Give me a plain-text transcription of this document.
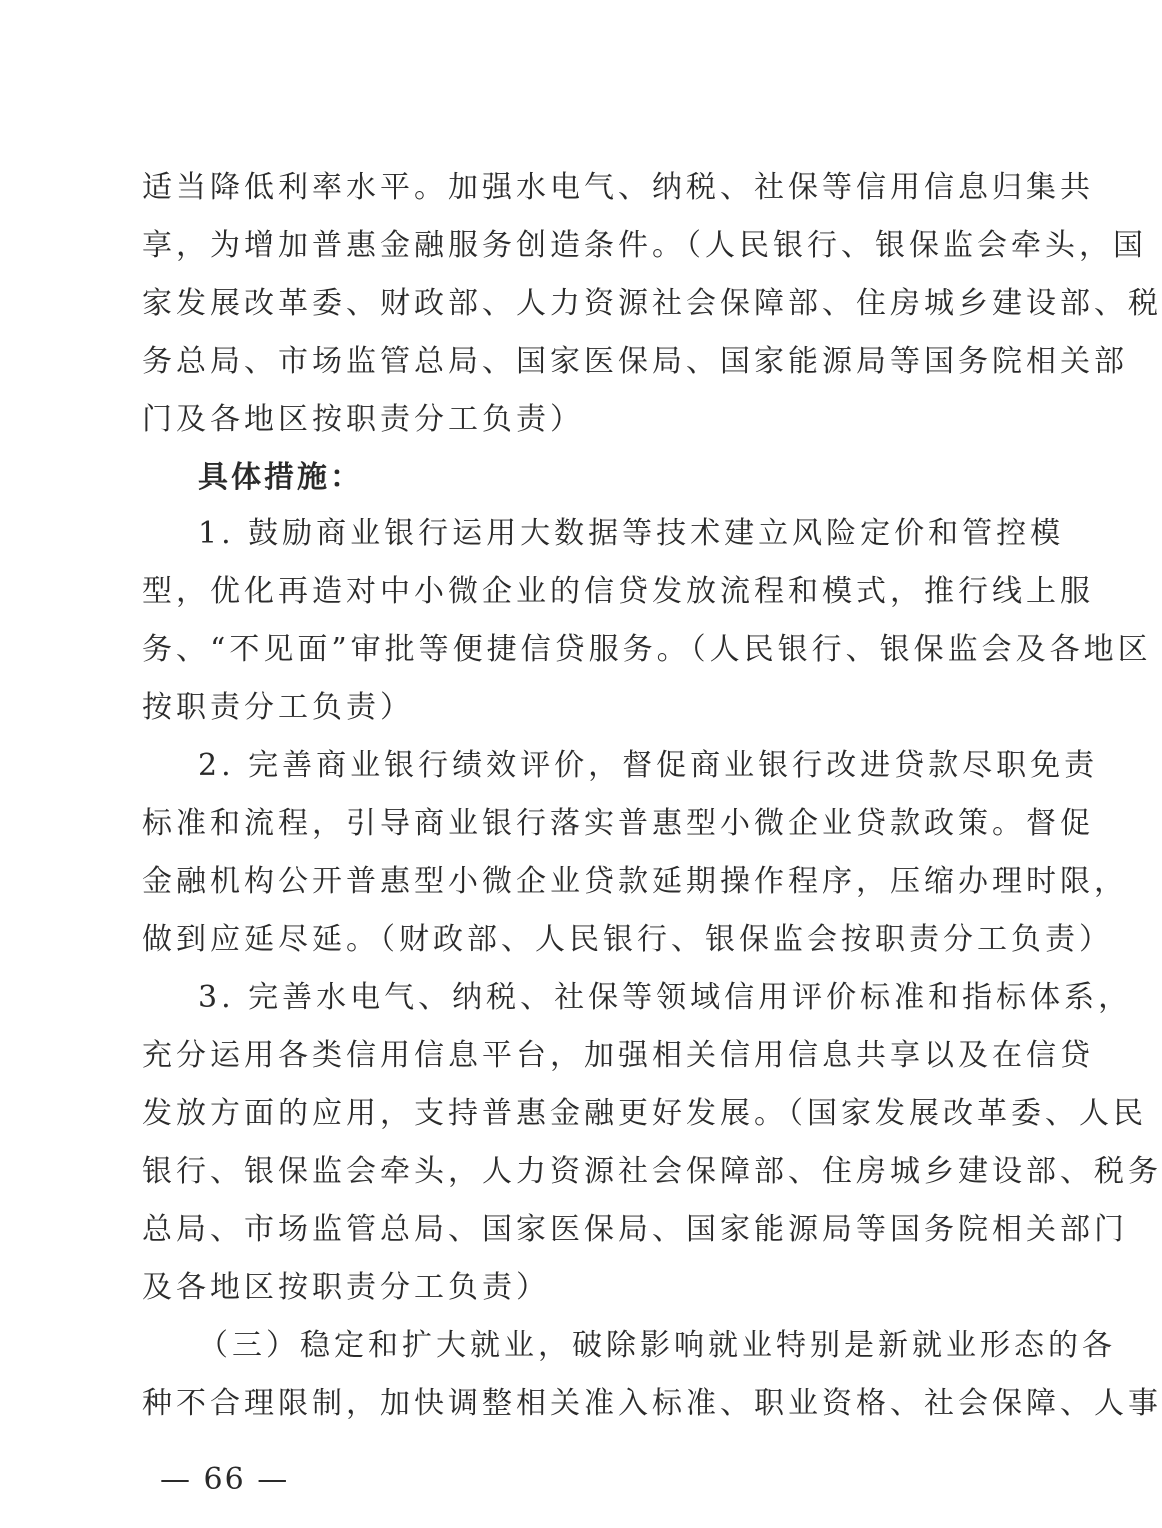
适当降低利率水平。加强水电气、纳税、社保等信用信息归集共
享，为增加普惠金融服务创造条件。（人民银行、银保监会牵头，国
家发展改革委、财政部、人力资源社会保障部、住房城乡建设部、税
务总局、市场监管总局、国家医保局、国家能源局等国务院相关部
门及各地区按职责分工负责）
具体措施：
1. 鼓励商业银行运用大数据等技术建立风险定价和管控模
型，优化再造对中小微企业的信贷发放流程和模式，推行线上服
务、“不见面”审批等便捷信贷服务。（人民银行、银保监会及各地区
按职责分工负责）
2. 完善商业银行绩效评价，督促商业银行改进贷款尽职免责
标准和流程，引导商业银行落实普惠型小微企业贷款政策。督促
金融机构公开普惠型小微企业贷款延期操作程序，压缩办理时限，
做到应延尽延。（财政部、人民银行、银保监会按职责分工负责）
3. 完善水电气、纳税、社保等领域信用评价标准和指标体系，
充分运用各类信用信息平台，加强相关信用信息共享以及在信贷
发放方面的应用，支持普惠金融更好发展。（国家发展改革委、人民
银行、银保监会牵头，人力资源社会保障部、住房城乡建设部、税务
总局、市场监管总局、国家医保局、国家能源局等国务院相关部门
及各地区按职责分工负责）
（三）稳定和扩大就业，破除影响就业特别是新就业形态的各
种不合理限制，加快调整相关准入标准、职业资格、社会保障、人事
— 66 —
